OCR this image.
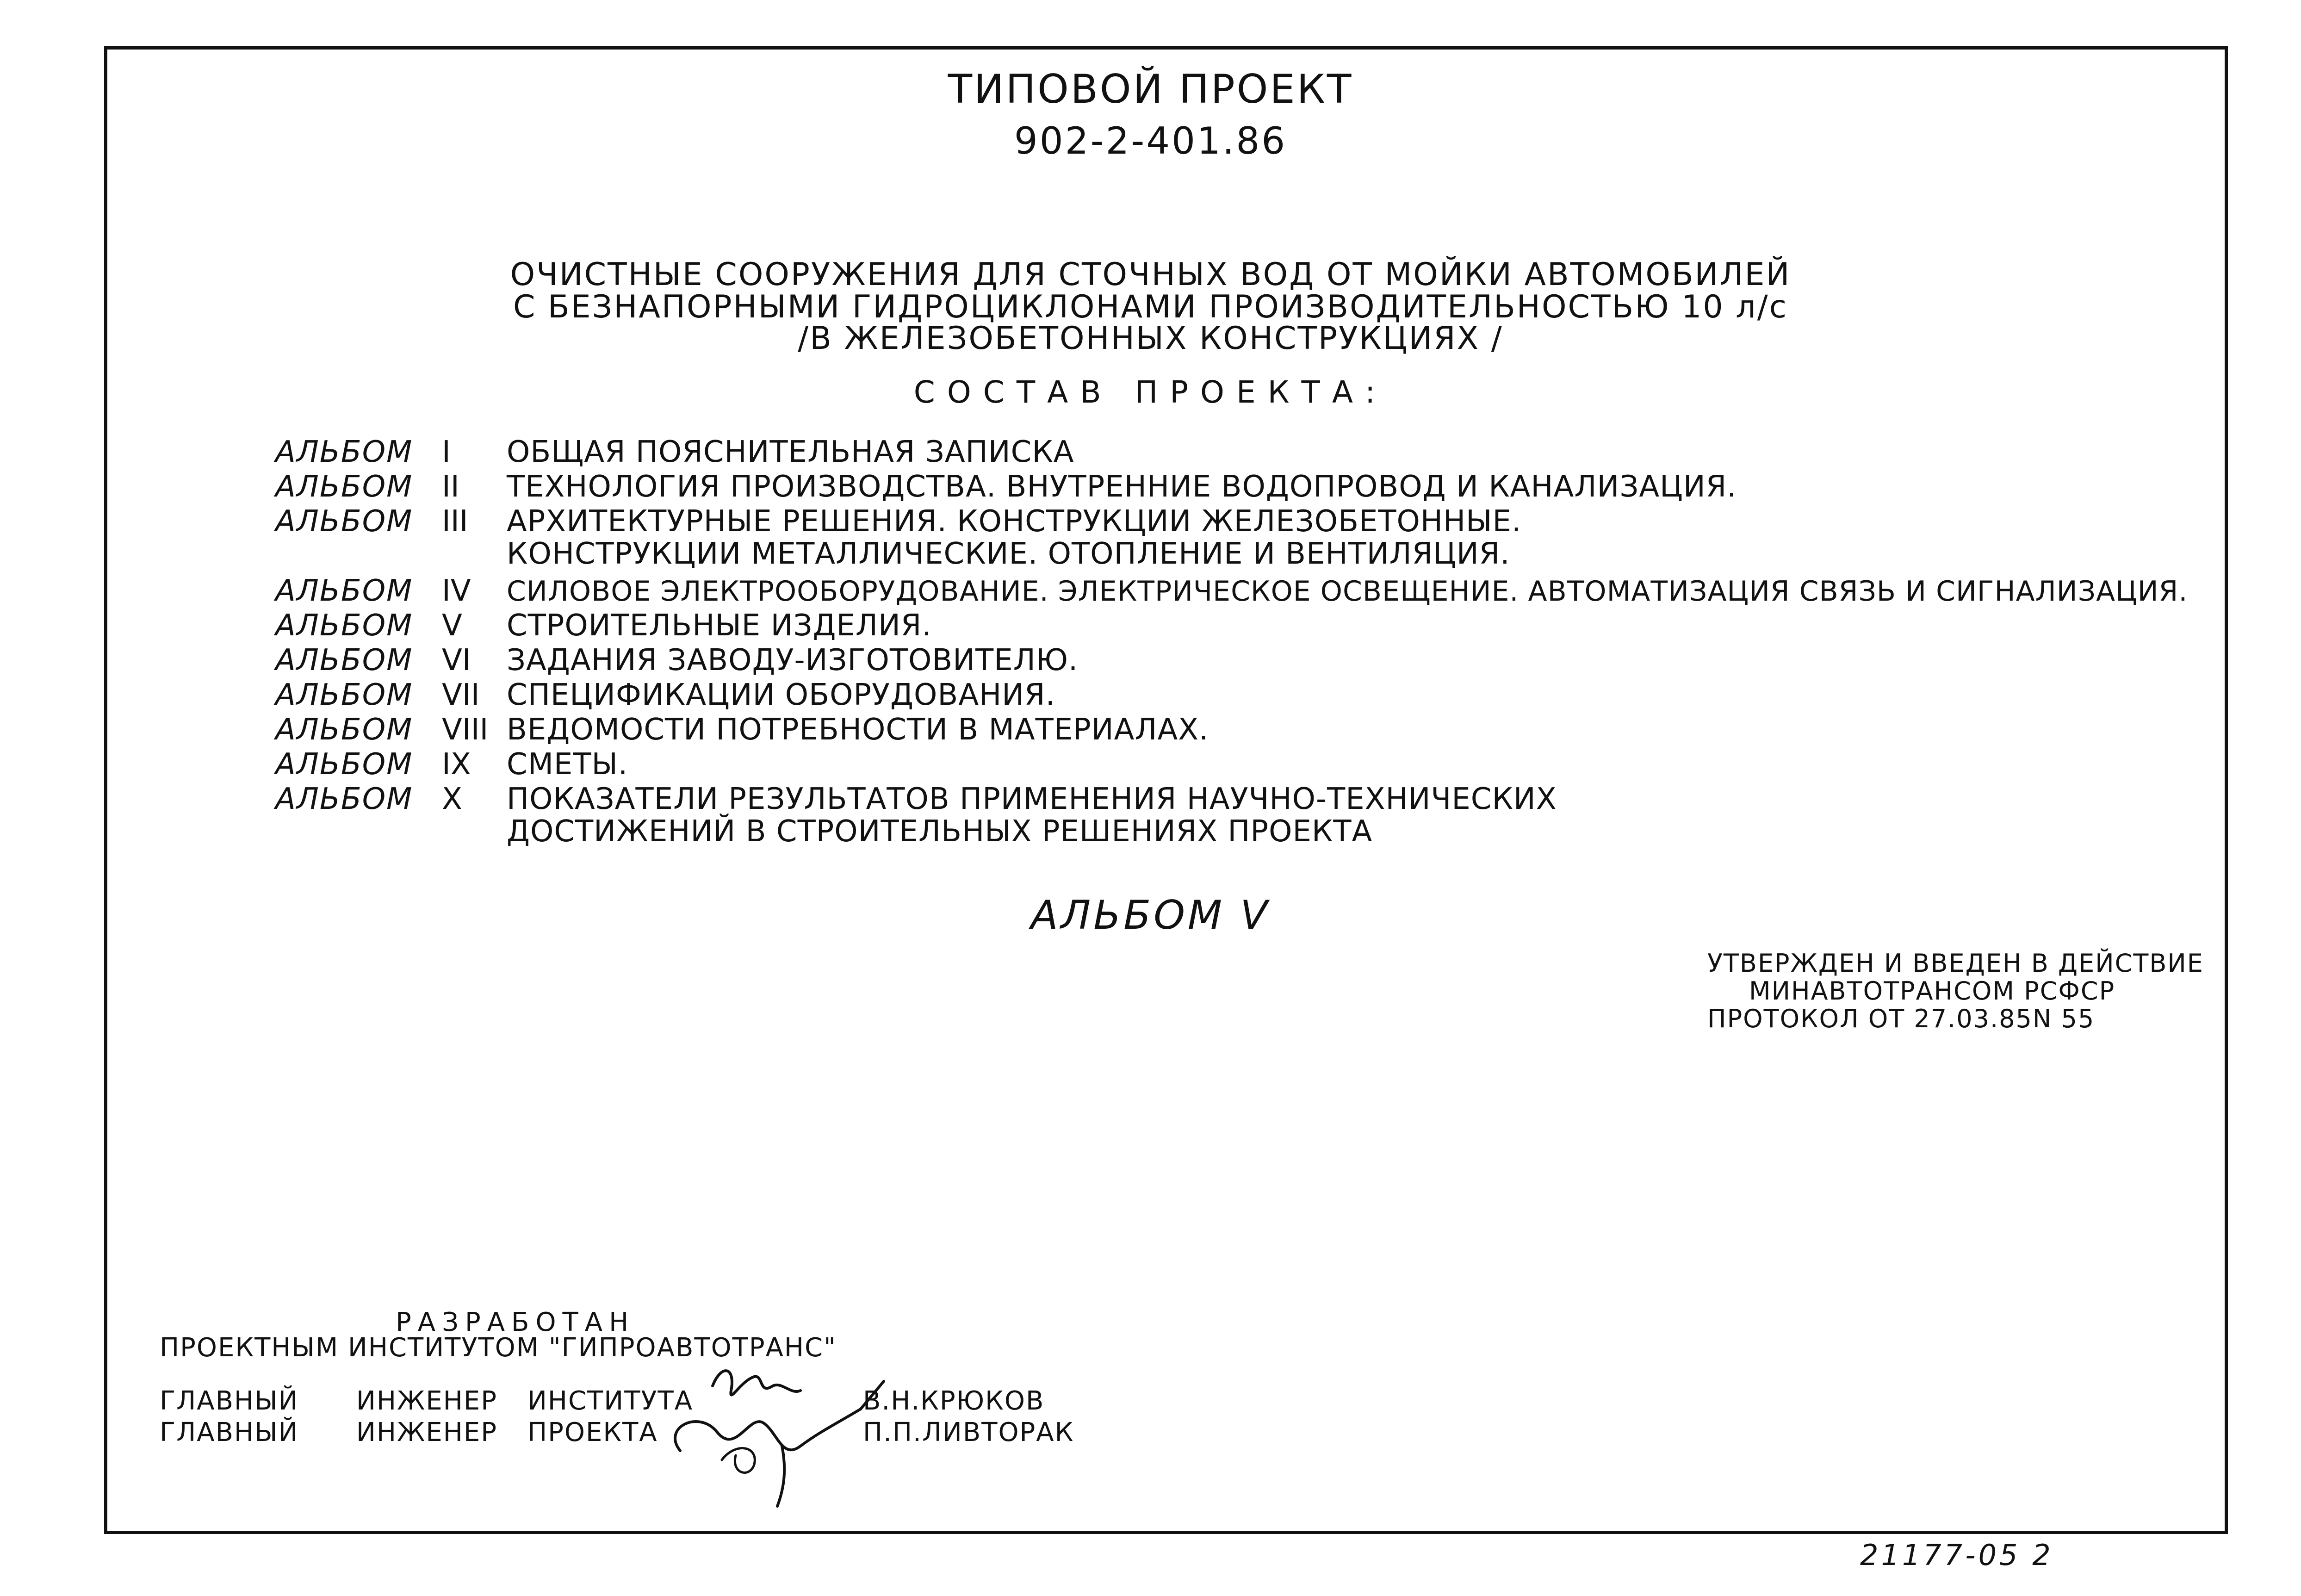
ТИПОВОЙ ПРОЕКТ
902-2-401.86
ОЧИСТНЫЕ СООРУЖЕНИЯ ДЛЯ СТОЧНЫХ ВОД ОТ МОЙКИ АВТОМОБИЛЕЙ
С БЕЗНАПОРНЫМИ ГИДРОЦИКЛОНАМИ ПРОИЗВОДИТЕЛЬНОСТЬЮ 10 л/с
/В ЖЕЛЕЗОБЕТОННЫХ КОНСТРУКЦИЯХ /
СОСТАВ ПРОЕКТА:
АЛЬБОМ I	ОБЩАЯ ПОЯСНИТЕЛЬНАЯ ЗАПИСКА
АЛЬБОМ II	ТЕХНОЛОГИЯ ПРОИЗВОДСТВА. ВНУТРЕННИЕ ВОДОПРОВОД И КАНАЛИЗАЦИЯ.
АЛЬБОМ III	АРХИТЕКТУРНЫЕ РЕШЕНИЯ. КОНСТРУКЦИИ ЖЕЛЕЗОБЕТОННЫЕ.
КОНСТРУКЦИИ МЕТАЛЛИЧЕСКИЕ. ОТОПЛЕНИЕ И ВЕНТИЛЯЦИЯ.
АЛЬБОМ IV	СИЛОВОЕ ЭЛЕКТРООБОРУДОВАНИЕ. ЭЛЕКТРИЧЕСКОЕ ОСВЕЩЕНИЕ. АВТОМАТИЗАЦИЯ СВЯЗЬ И СИГНАЛИЗАЦИЯ.
АЛЬБОМ V	СТРОИТЕЛЬНЫЕ ИЗДЕЛИЯ.
АЛЬБОМ VI	ЗАДАНИЯ ЗАВОДУ-ИЗГОТОВИТЕЛЮ.
АЛЬБОМ VII СПЕЦИФИКАЦИИ ОБОРУДОВАНИЯ.
АЛЬБОМ VIII ВЕДОМОСТИ ПОТРЕБНОСТИ В МАТЕРИАЛАХ.
АЛЬБОМ IX	СМЕТЫ.
АЛЬБОМ X	ПОКАЗАТЕЛИ РЕЗУЛЬТАТОВ ПРИМЕНЕНИЯ НАУЧНО-ТЕХНИЧЕСКИХ
ДОСТИЖЕНИЙ В СТРОИТЕЛЬНЫХ РЕШЕНИЯХ ПРОЕКТА
АЛЬБОМ V
УТВЕРЖДЕН И ВВЕДЕН В ДЕЙСТВИЕ
МИНАВТОТРАНСОМ РСФСР
ПРОТОКОЛ ОТ 27.03.85N 55
РАЗРАБОТАН
ПРОЕКТНЫМ ИНСТИТУТОМ "ГИПРОАВТОТРАНС"
ГЛАВНЫЙ ИНЖЕНЕР ИНСТИТУТА	В.Н.КРЮКОВ
ГЛАВНЫЙ ИНЖЕНЕР ПРОЕКТА	П.П.ЛИВТОРАК
21177-05 2
